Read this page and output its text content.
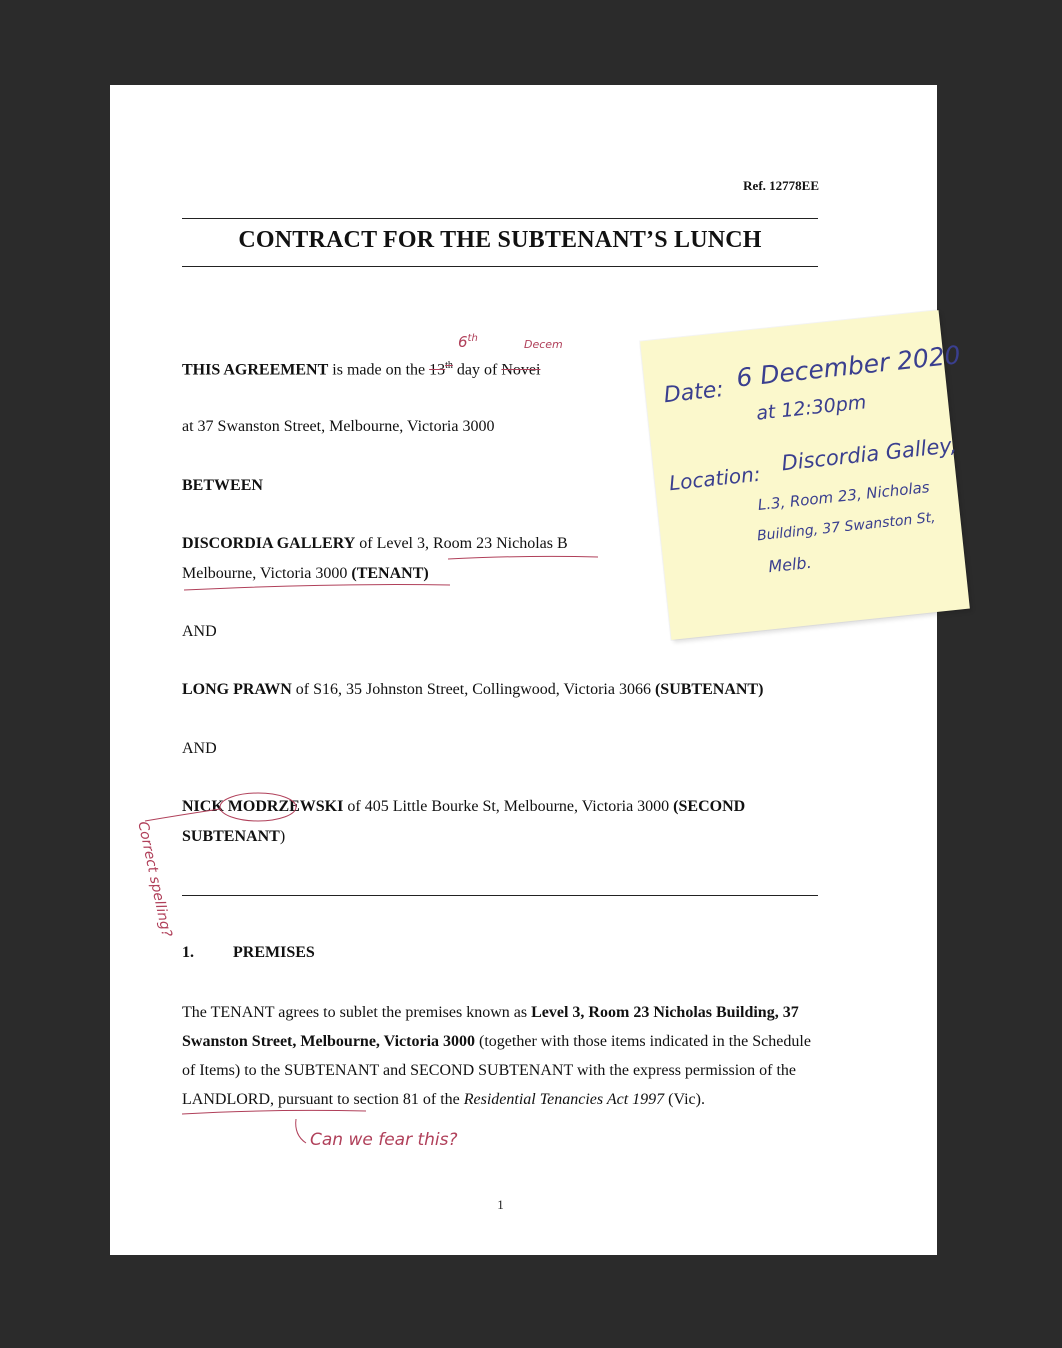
Ref. 12778EE
CONTRACT FOR THE SUBTENANT’S LUNCH
6th	Decem
THIS AGREEMENT is made on the 13th day of Novei
at 37 Swanston Street, Melbourne, Victoria 3000
BETWEEN
DISCORDIA GALLERY of Level 3, Room 23 Nicholas B
Melbourne, Victoria 3000 (TENANT)
AND
LONG PRAWN of S16, 35 Johnston Street, Collingwood, Victoria 3066 (SUBTENANT)
AND
NICK MODRZEWSKI of 405 Little Bourke St, Melbourne, Victoria 3000 (SECOND
SUBTENANT)
Correct spelling?
1. PREMISES
The TENANT agrees to sublet the premises known as Level 3, Room 23 Nicholas Building, 37 Swanston Street, Melbourne, Victoria 3000 (together with those items indicated in the Schedule of Items) to the SUBTENANT and SECOND SUBTENANT with the express permission of the LANDLORD, pursuant to section 81 of the Residential Tenancies Act 1997 (Vic).
Can we fear this?
1
Date:
6 December 2020
at 12:30pm
Location:
Discordia Galley,
L.3, Room 23, Nicholas
Building, 37 Swanston St,
Melb.
